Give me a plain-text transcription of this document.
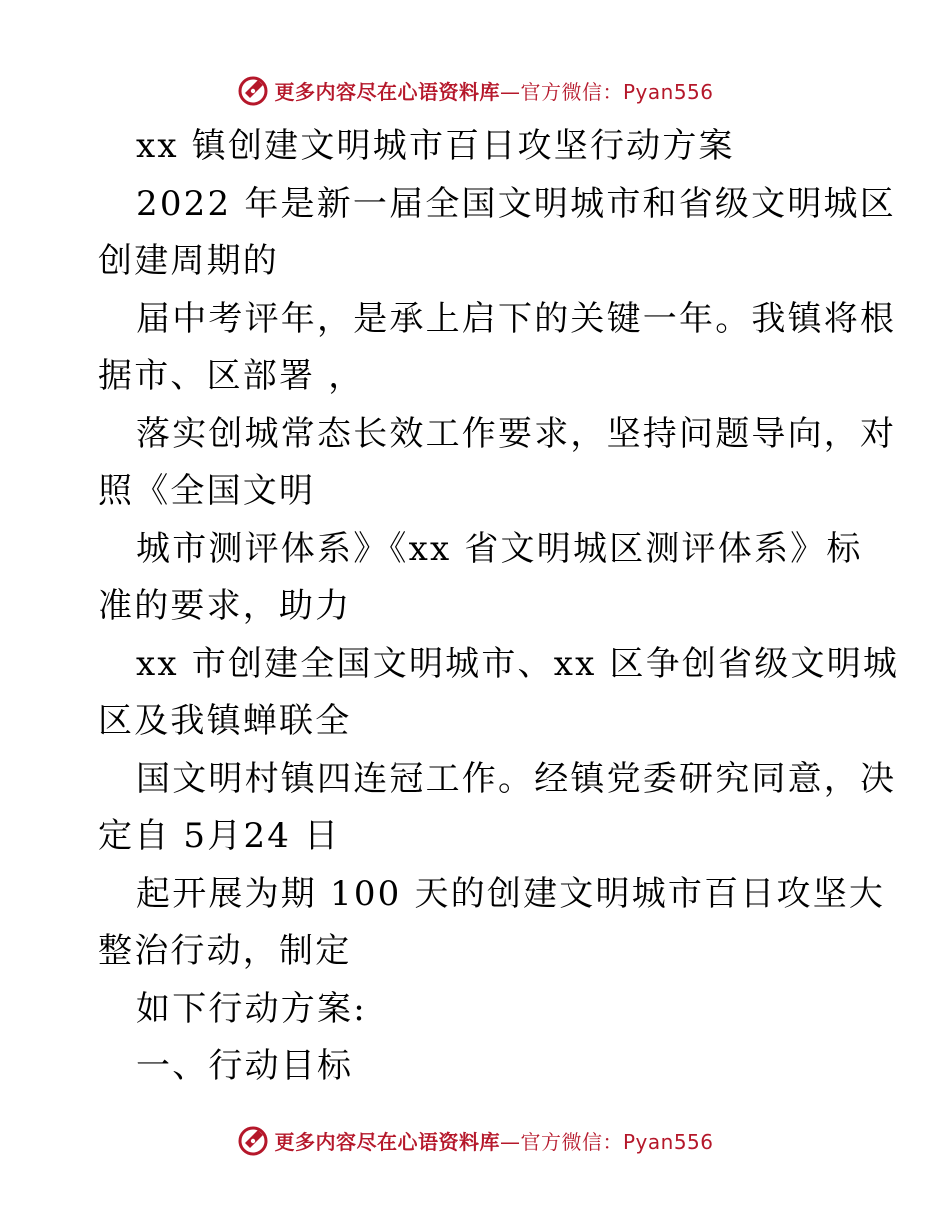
更多内容尽在心语资料库—官方微信：Pyan556
xx 镇创建文明城市百日攻坚行动方案
2022 年是新一届全国文明城市和省级文明城区
创建周期的
届中考评年，是承上启下的关键一年。我镇将根
据市、区部署 ，
落实创城常态长效工作要求，坚持问题导向，对
照《全国文明
城市测评体系》《xx 省文明城区测评体系》标
准的要求，助力
xx 市创建全国文明城市、xx 区争创省级文明城
区及我镇蝉联全
国文明村镇四连冠工作。经镇党委研究同意，决
定自 5月24 日
起开展为期 100 天的创建文明城市百日攻坚大
整治行动，制定
如下行动方案:
一、行动目标
更多内容尽在心语资料库—官方微信：Pyan556
